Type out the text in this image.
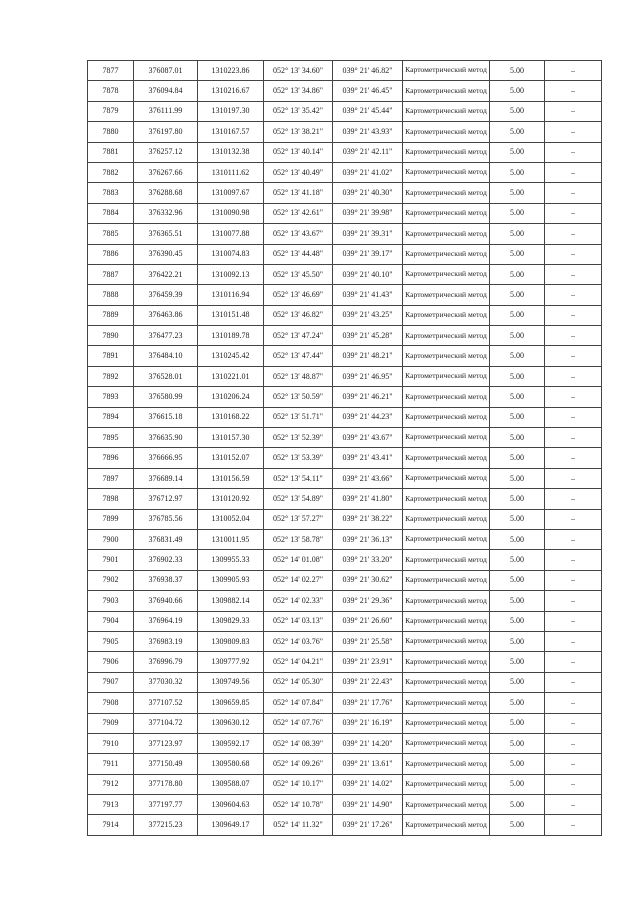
7877	376087.01	1310223.86	052° 13' 34.60"	039° 21' 46.82"	Картометрический метод	5.00	–
7878	376094.84	1310216.67	052° 13' 34.86"	039° 21' 46.45"	Картометрический метод	5.00	–
7879	376111.99	1310197.30	052° 13' 35.42"	039° 21' 45.44"	Картометрический метод	5.00	–
7880	376197.80	1310167.57	052° 13' 38.21"	039° 21' 43.93"	Картометрический метод	5.00	–
7881	376257.12	1310132.38	052° 13' 40.14"	039° 21' 42.11"	Картометрический метод	5.00	–
7882	376267.66	1310111.62	052° 13' 40.49"	039° 21' 41.02"	Картометрический метод	5.00	–
7883	376288.68	1310097.67	052° 13' 41.18"	039° 21' 40.30"	Картометрический метод	5.00	–
7884	376332.96	1310090.98	052° 13' 42.61"	039° 21' 39.98"	Картометрический метод	5.00	–
7885	376365.51	1310077.88	052° 13' 43.67"	039° 21' 39.31"	Картометрический метод	5.00	–
7886	376390.45	1310074.83	052° 13' 44.48"	039° 21' 39.17"	Картометрический метод	5.00	–
7887	376422.21	1310092.13	052° 13' 45.50"	039° 21' 40.10"	Картометрический метод	5.00	–
7888	376459.39	1310116.94	052° 13' 46.69"	039° 21' 41.43"	Картометрический метод	5.00	–
7889	376463.86	1310151.48	052° 13' 46.82"	039° 21' 43.25"	Картометрический метод	5.00	–
7890	376477.23	1310189.78	052° 13' 47.24"	039° 21' 45.28"	Картометрический метод	5.00	–
7891	376484.10	1310245.42	052° 13' 47.44"	039° 21' 48.21"	Картометрический метод	5.00	–
7892	376528.01	1310221.01	052° 13' 48.87"	039° 21' 46.95"	Картометрический метод	5.00	–
7893	376580.99	1310206.24	052° 13' 50.59"	039° 21' 46.21"	Картометрический метод	5.00	–
7894	376615.18	1310168.22	052° 13' 51.71"	039° 21' 44.23"	Картометрический метод	5.00	–
7895	376635.90	1310157.30	052° 13' 52.39"	039° 21' 43.67"	Картометрический метод	5.00	–
7896	376666.95	1310152.07	052° 13' 53.39"	039° 21' 43.41"	Картометрический метод	5.00	–
7897	376689.14	1310156.59	052° 13' 54.11"	039° 21' 43.66"	Картометрический метод	5.00	–
7898	376712.97	1310120.92	052° 13' 54.89"	039° 21' 41.80"	Картометрический метод	5.00	–
7899	376785.56	1310052.04	052° 13' 57.27"	039° 21' 38.22"	Картометрический метод	5.00	–
7900	376831.49	1310011.95	052° 13' 58.78"	039° 21' 36.13"	Картометрический метод	5.00	–
7901	376902.33	1309955.33	052° 14' 01.08"	039° 21' 33.20"	Картометрический метод	5.00	–
7902	376938.37	1309905.93	052° 14' 02.27"	039° 21' 30.62"	Картометрический метод	5.00	–
7903	376940.66	1309882.14	052° 14' 02.33"	039° 21' 29.36"	Картометрический метод	5.00	–
7904	376964.19	1309829.33	052° 14' 03.13"	039° 21' 26.60"	Картометрический метод	5.00	–
7905	376983.19	1309809.83	052° 14' 03.76"	039° 21' 25.58"	Картометрический метод	5.00	–
7906	376996.79	1309777.92	052° 14' 04.21"	039° 21' 23.91"	Картометрический метод	5.00	–
7907	377030.32	1309749.56	052° 14' 05.30"	039° 21' 22.43"	Картометрический метод	5.00	–
7908	377107.52	1309659.85	052° 14' 07.84"	039° 21' 17.76"	Картометрический метод	5.00	–
7909	377104.72	1309630.12	052° 14' 07.76"	039° 21' 16.19"	Картометрический метод	5.00	–
7910	377123.97	1309592.17	052° 14' 08.39"	039° 21' 14.20"	Картометрический метод	5.00	–
7911	377150.49	1309580.68	052° 14' 09.26"	039° 21' 13.61"	Картометрический метод	5.00	–
7912	377178.80	1309588.07	052° 14' 10.17"	039° 21' 14.02"	Картометрический метод	5.00	–
7913	377197.77	1309604.63	052° 14' 10.78"	039° 21' 14.90"	Картометрический метод	5.00	–
7914	377215.23	1309649.17	052° 14' 11.32"	039° 21' 17.26"	Картометрический метод	5.00	–
